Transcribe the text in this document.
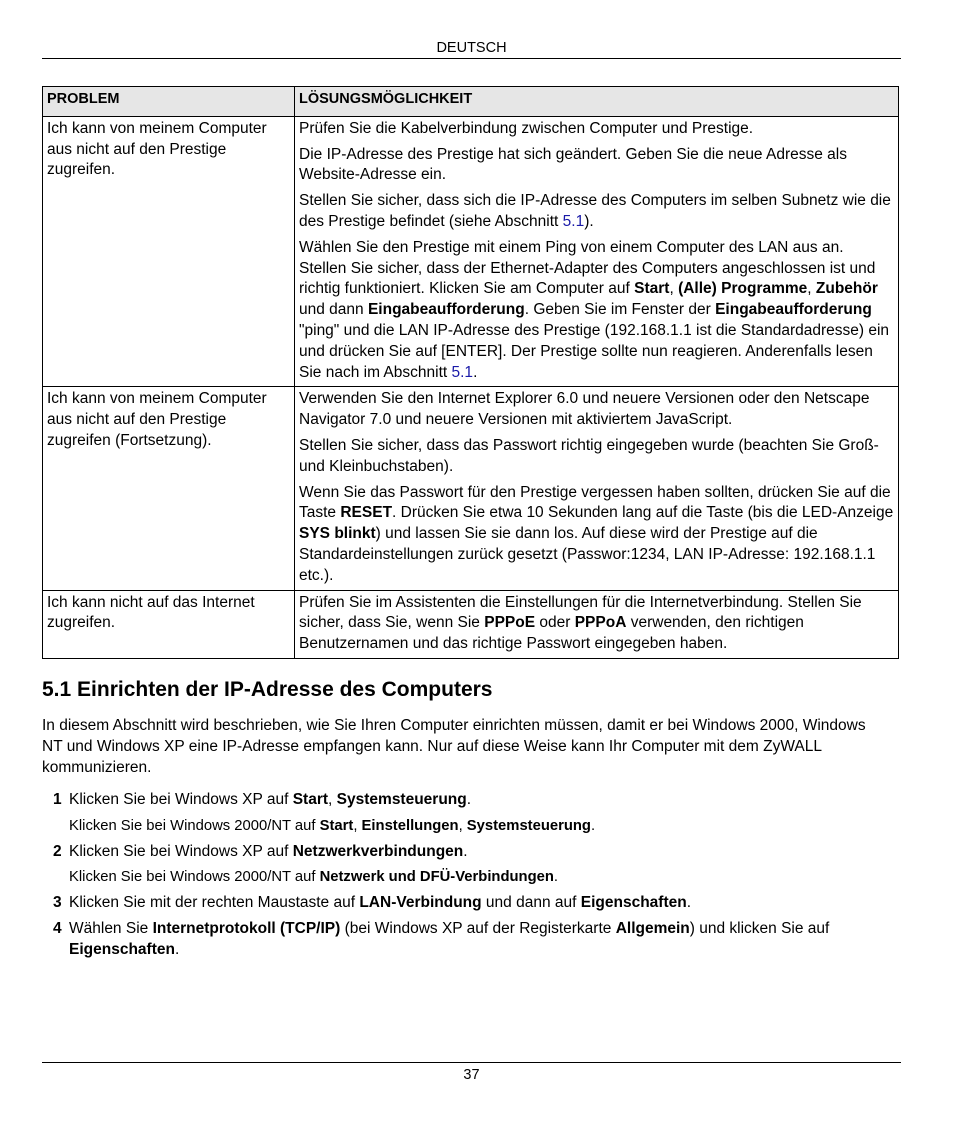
DEUTSCH
PROBLEM	LÖSUNGSMÖGLICHKEIT
Ich kann von meinem Computer aus nicht auf den Prestige zugreifen.	Prüfen Sie die Kabelverbindung zwischen Computer und Prestige.

Die IP-Adresse des Prestige hat sich geändert. Geben Sie die neue Adresse als Website-Adresse ein.

Stellen Sie sicher, dass sich die IP-Adresse des Computers im selben Subnetz wie die des Prestige befindet (siehe Abschnitt 5.1).

Wählen Sie den Prestige mit einem Ping von einem Computer des LAN aus an. Stellen Sie sicher, dass der Ethernet-Adapter des Computers angeschlossen ist und richtig funktioniert. Klicken Sie am Computer auf Start, (Alle) Programme, Zubehör und dann Eingabeaufforderung. Geben Sie im Fenster der Eingabeaufforderung "ping" und die LAN IP-Adresse des Prestige (192.168.1.1 ist die Standardadresse) ein und drücken Sie auf [ENTER]. Der Prestige sollte nun reagieren. Anderenfalls lesen Sie nach im Abschnitt 5.1.

Ich kann von meinem Computer aus nicht auf den Prestige zugreifen (Fortsetzung).	Verwenden Sie den Internet Explorer 6.0 und neuere Versionen oder den Netscape Navigator 7.0 und neuere Versionen mit aktiviertem JavaScript.

Stellen Sie sicher, dass das Passwort richtig eingegeben wurde (beachten Sie Groß- und Kleinbuchstaben).

Wenn Sie das Passwort für den Prestige vergessen haben sollten, drücken Sie auf die Taste RESET. Drücken Sie etwa 10 Sekunden lang auf die Taste (bis die LED-Anzeige SYS blinkt) und lassen Sie sie dann los. Auf diese wird der Prestige auf die Standardeinstellungen zurück gesetzt (Passwor:1234, LAN IP-Adresse: 192.168.1.1 etc.).

Ich kann nicht auf das Internet zugreifen.	Prüfen Sie im Assistenten die Einstellungen für die Internetverbindung. Stellen Sie sicher, dass Sie, wenn Sie PPPoE oder PPPoA verwenden, den richtigen Benutzernamen und das richtige Passwort eingegeben haben.

5.1 Einrichten der IP-Adresse des Computers

In diesem Abschnitt wird beschrieben, wie Sie Ihren Computer einrichten müssen, damit er bei Windows 2000, Windows NT und Windows XP eine IP-Adresse empfangen kann. Nur auf diese Weise kann Ihr Computer mit dem ZyWALL kommunizieren.

1 Klicken Sie bei Windows XP auf Start, Systemsteuerung.
Klicken Sie bei Windows 2000/NT auf Start, Einstellungen, Systemsteuerung.
2 Klicken Sie bei Windows XP auf Netzwerkverbindungen.
Klicken Sie bei Windows 2000/NT auf Netzwerk und DFÜ-Verbindungen.
3 Klicken Sie mit der rechten Maustaste auf LAN-Verbindung und dann auf Eigenschaften.
4 Wählen Sie Internetprotokoll (TCP/IP) (bei Windows XP auf der Registerkarte Allgemein) und klicken Sie auf Eigenschaften.
37
